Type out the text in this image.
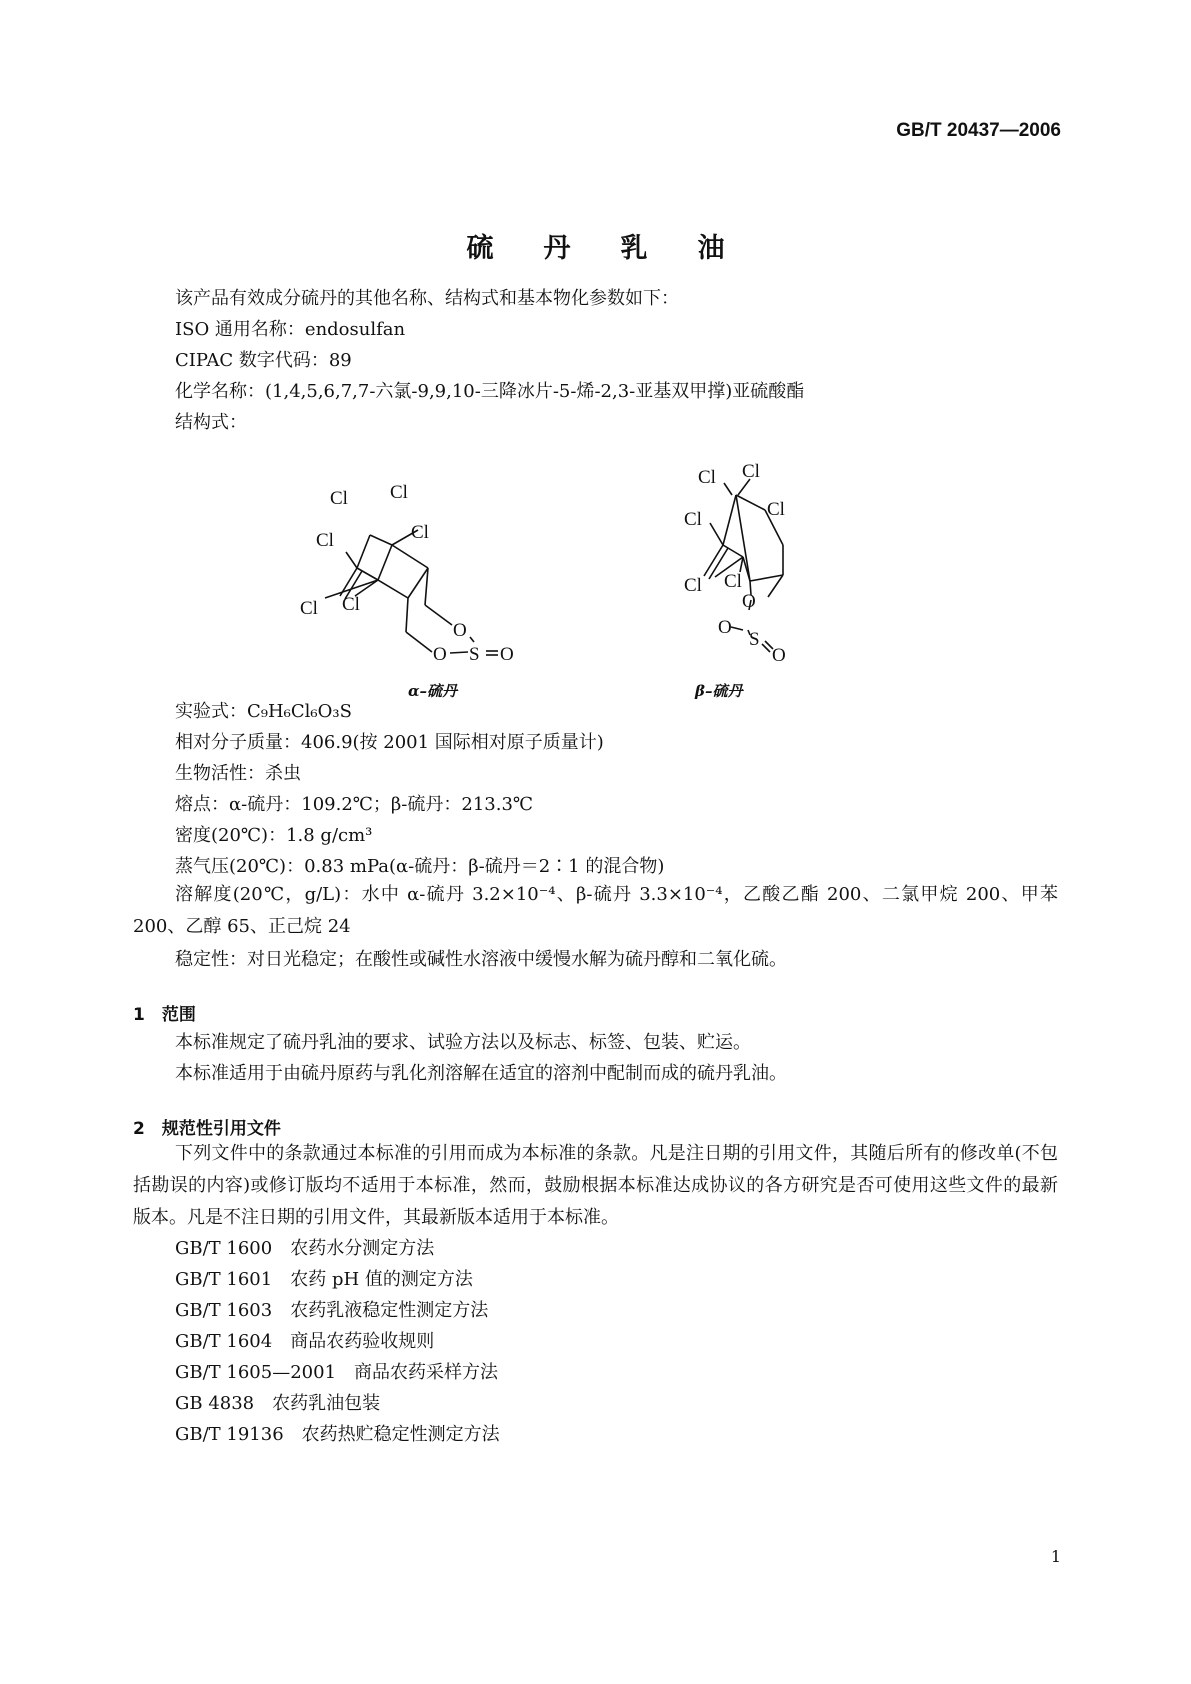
GB/T 20437—2006
硫丹乳油
该产品有效成分硫丹的其他名称、结构式和基本物化参数如下：
ISO 通用名称：endosulfan
CIPAC 数字代码：89
化学名称：(1,4,5,6,7,7-六氯-9,9,10-三降冰片-5-烯-2,3-亚基双甲撑)亚硫酸酯
结构式：
Cl Cl
Cl	Cl
Cl Cl
O
O S O
α–硫丹
Cl Cl
Cl	Cl
Cl Cl
O
O
S
O
β–硫丹
实验式：C₉H₆Cl₆O₃S
相对分子质量：406.9(按 2001 国际相对原子质量计)
生物活性：杀虫
熔点：α-硫丹：109.2℃；β-硫丹：213.3℃
密度(20℃)：1.8 g/cm³
蒸气压(20℃)：0.83 mPa(α-硫丹：β-硫丹＝2∶1 的混合物)
溶解度(20℃，g/L)：水中 α-硫丹 3.2×10⁻⁴、β-硫丹 3.3×10⁻⁴，乙酸乙酯 200、二氯甲烷 200、甲苯 200、乙醇 65、正己烷 24
稳定性：对日光稳定；在酸性或碱性水溶液中缓慢水解为硫丹醇和二氧化硫。
1　范围
本标准规定了硫丹乳油的要求、试验方法以及标志、标签、包装、贮运。
本标准适用于由硫丹原药与乳化剂溶解在适宜的溶剂中配制而成的硫丹乳油。
2　规范性引用文件
下列文件中的条款通过本标准的引用而成为本标准的条款。凡是注日期的引用文件，其随后所有的修改单(不包括勘误的内容)或修订版均不适用于本标准，然而，鼓励根据本标准达成协议的各方研究是否可使用这些文件的最新版本。凡是不注日期的引用文件，其最新版本适用于本标准。
GB/T 1600　 农药水分测定方法
GB/T 1601　 农药 pH 值的测定方法
GB/T 1603　 农药乳液稳定性测定方法
GB/T 1604　 商品农药验收规则
GB/T 1605—2001　 商品农药采样方法
GB 4838　 农药乳油包装
GB/T 19136　 农药热贮稳定性测定方法
1
